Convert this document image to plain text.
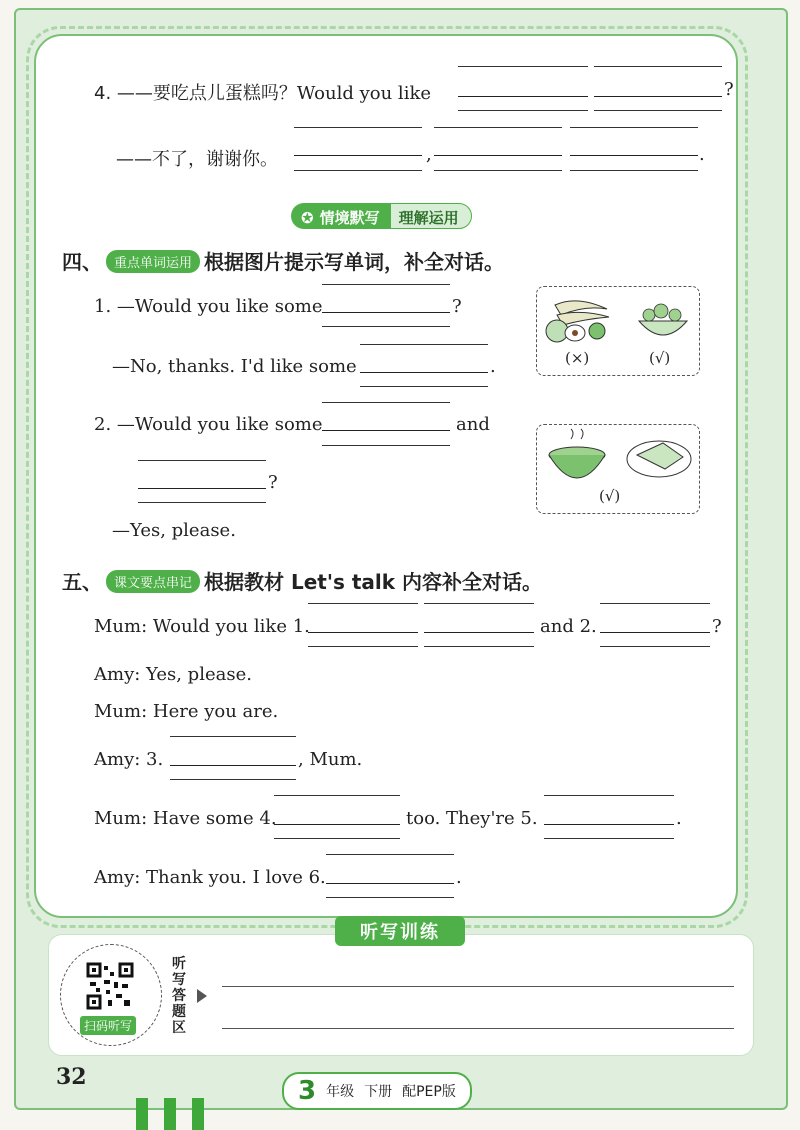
4. ——要吃点儿蛋糕吗？Would you like	?
——不了，谢谢你。	,	.
✪ 情境默写	理解运用
四、 重点单词运用 根据图片提示写单词，补全对话。
1. —Would you like some	?
—No, thanks. I'd like some	.	(×)	(√)
2. —Would you like some	and
?
—Yes, please.
(√)
五、 课文要点串记 根据教材 Let's talk 内容补全对话。
Mum: Would you like 1.	and 2.	?
Amy: Yes, please.
Mum: Here you are.
Amy: 3.	, Mum.
Mum: Have some 4.	too. They're 5.	.
Amy: Thank you. I love 6.	.
听写训练
扫码听写
听写答题区
32	3 年级 下册 配PEP版
